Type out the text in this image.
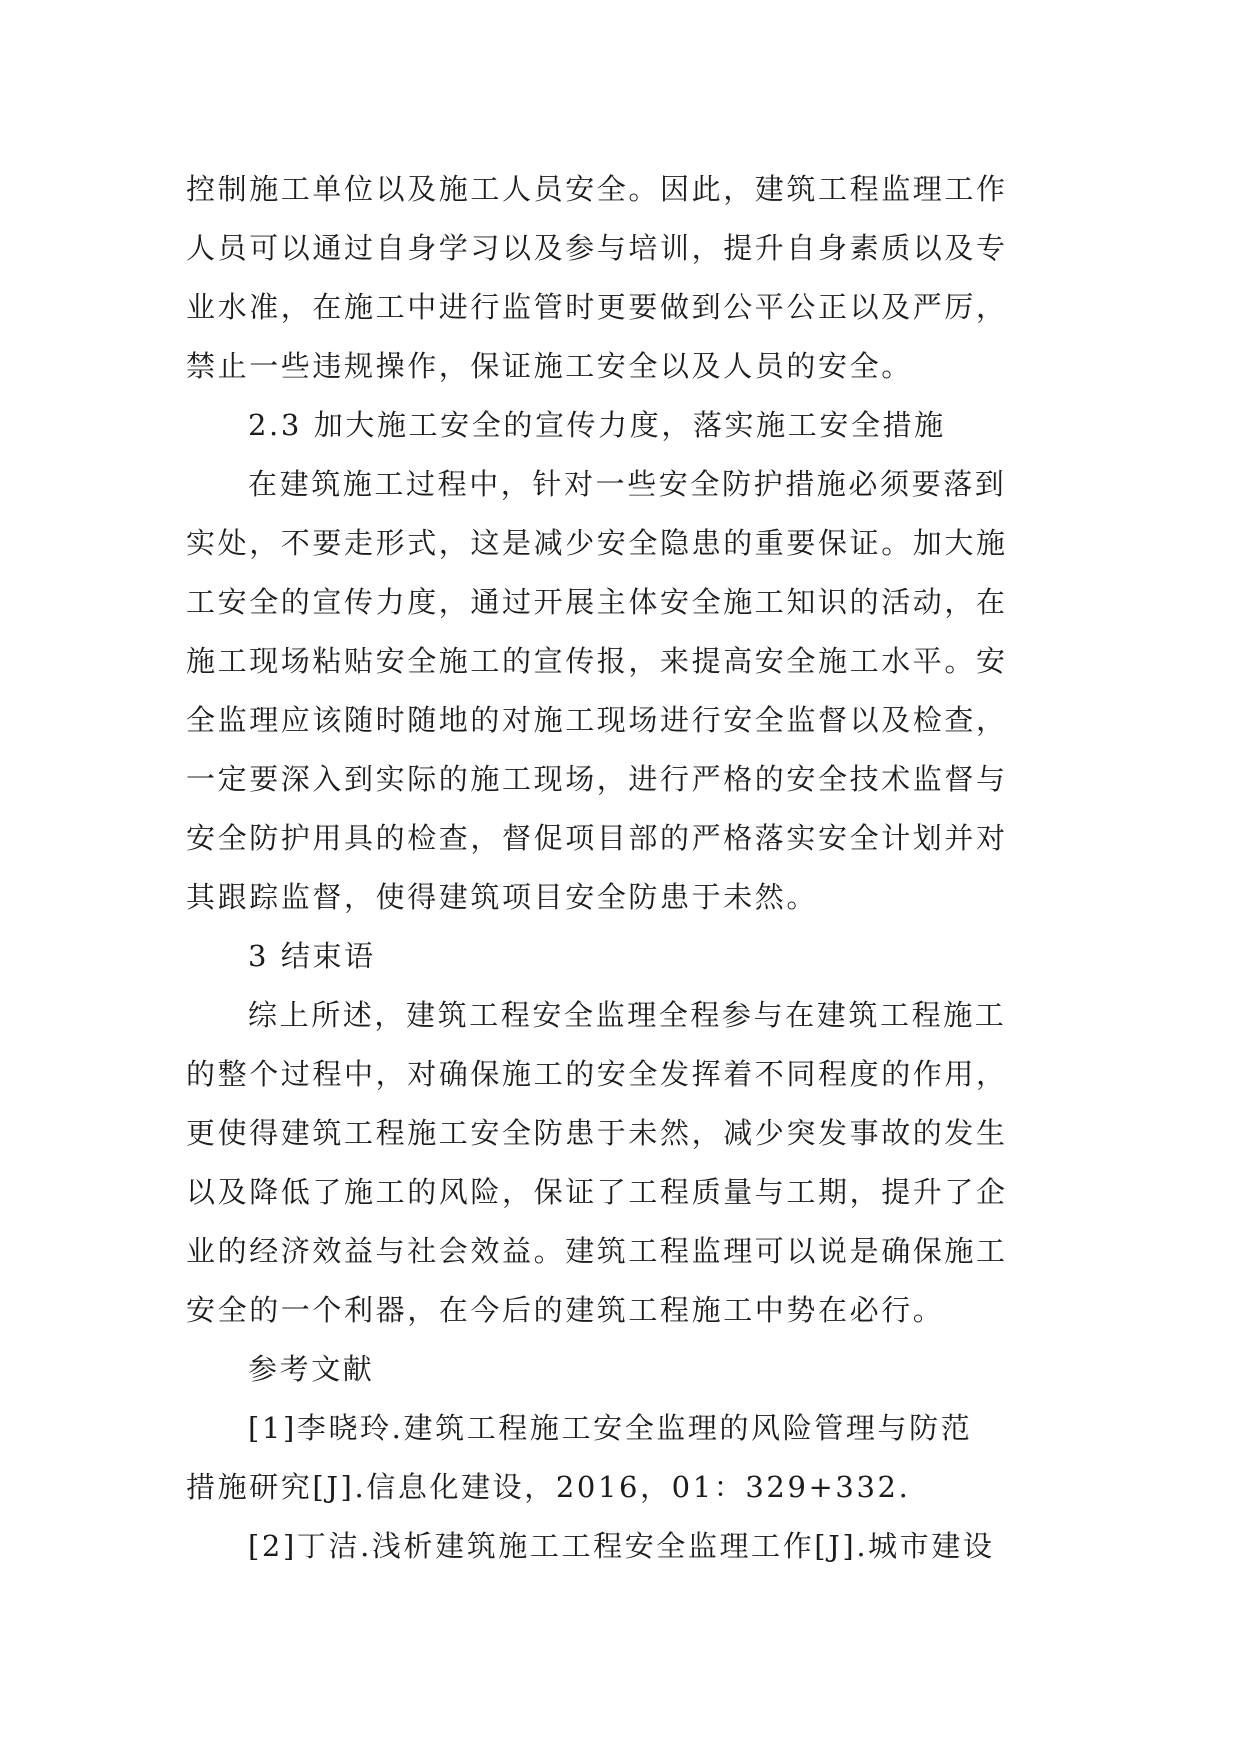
控制施工单位以及施工人员安全。因此，建筑工程监理工作
人员可以通过自身学习以及参与培训，提升自身素质以及专
业水准，在施工中进行监管时更要做到公平公正以及严厉，
禁止一些违规操作，保证施工安全以及人员的安全。

2.3 加大施工安全的宣传力度，落实施工安全措施

在建筑施工过程中，针对一些安全防护措施必须要落到
实处，不要走形式，这是减少安全隐患的重要保证。加大施
工安全的宣传力度，通过开展主体安全施工知识的活动，在
施工现场粘贴安全施工的宣传报，来提高安全施工水平。安
全监理应该随时随地的对施工现场进行安全监督以及检查，
一定要深入到实际的施工现场，进行严格的安全技术监督与
安全防护用具的检查，督促项目部的严格落实安全计划并对
其跟踪监督，使得建筑项目安全防患于未然。

3 结束语

综上所述，建筑工程安全监理全程参与在建筑工程施工
的整个过程中，对确保施工的安全发挥着不同程度的作用，
更使得建筑工程施工安全防患于未然，减少突发事故的发生
以及降低了施工的风险，保证了工程质量与工期，提升了企
业的经济效益与社会效益。建筑工程监理可以说是确保施工
安全的一个利器，在今后的建筑工程施工中势在必行。

参考文献

[1]李晓玲.建筑工程施工安全监理的风险管理与防范
措施研究[J].信息化建设，2016，01：329+332.

[2]丁洁.浅析建筑施工工程安全监理工作[J].城市建设
